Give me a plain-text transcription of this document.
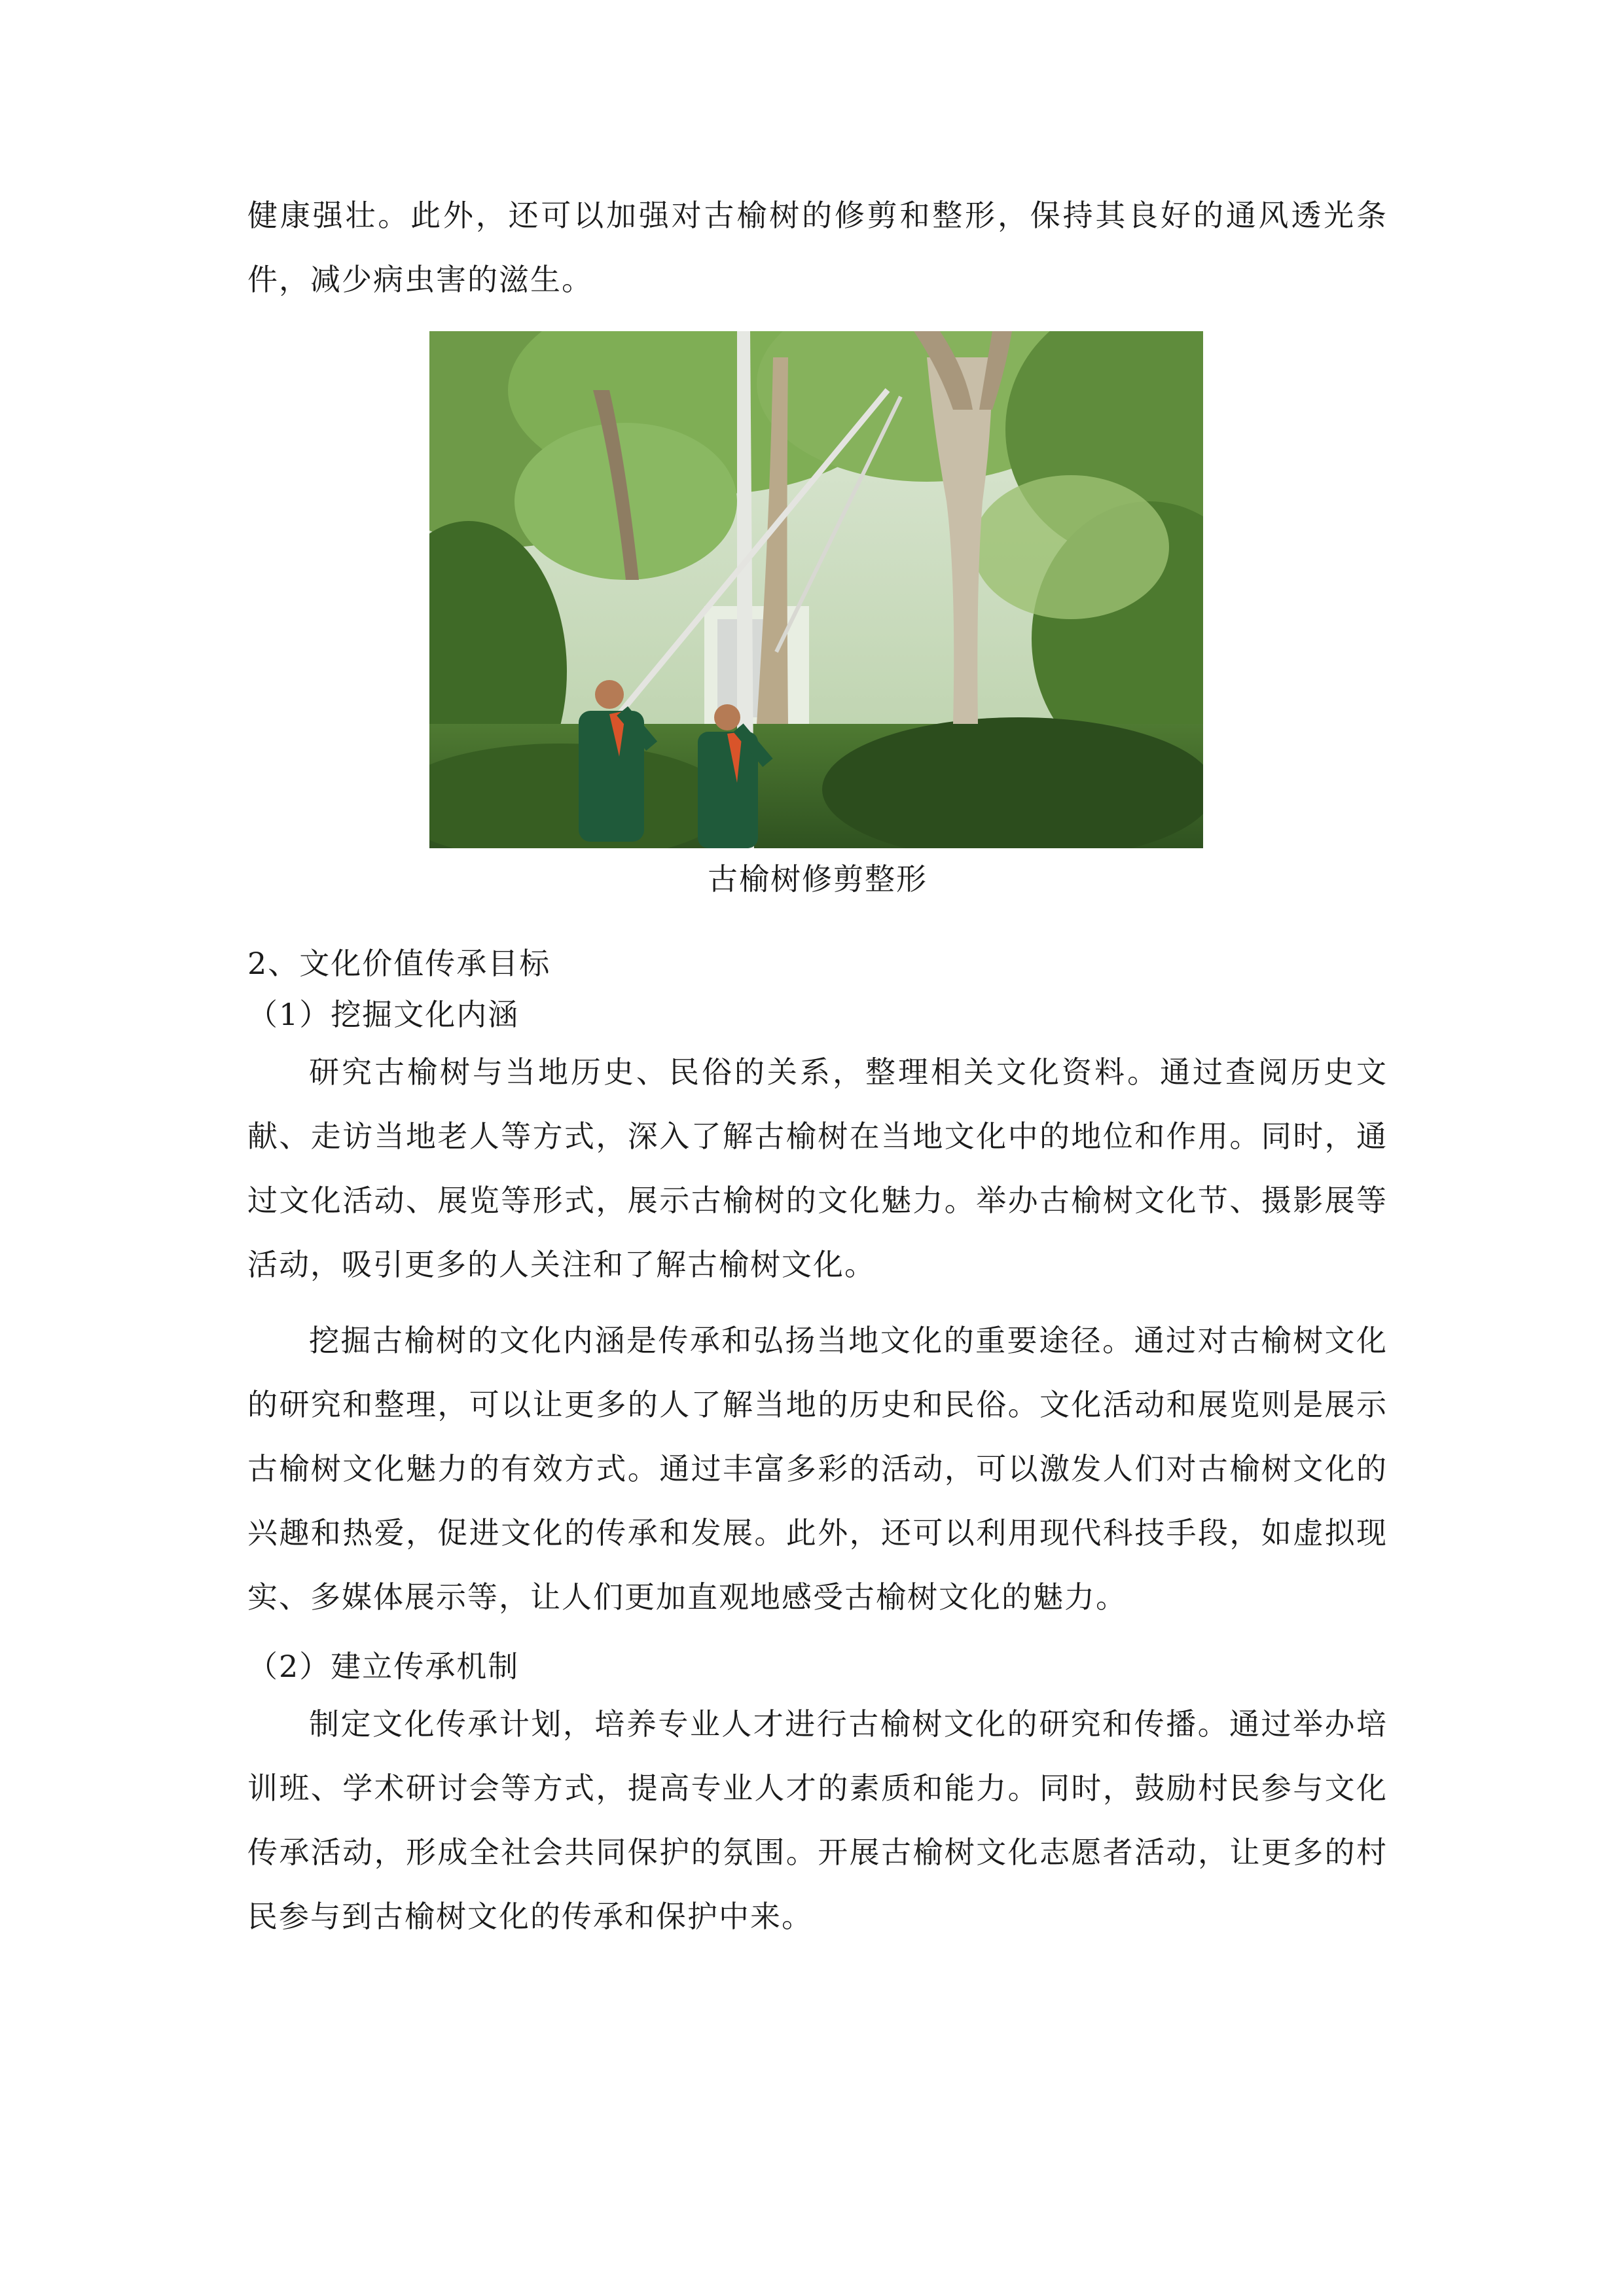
健康强壮。此外，还可以加强对古榆树的修剪和整形，保持其良好的通风透光条件，减少病虫害的滋生。

古榆树修剪整形

2、文化价值传承目标

（1）挖掘文化内涵

研究古榆树与当地历史、民俗的关系，整理相关文化资料。通过查阅历史文献、走访当地老人等方式，深入了解古榆树在当地文化中的地位和作用。同时，通过文化活动、展览等形式，展示古榆树的文化魅力。举办古榆树文化节、摄影展等活动，吸引更多的人关注和了解古榆树文化。

挖掘古榆树的文化内涵是传承和弘扬当地文化的重要途径。通过对古榆树文化的研究和整理，可以让更多的人了解当地的历史和民俗。文化活动和展览则是展示古榆树文化魅力的有效方式。通过丰富多彩的活动，可以激发人们对古榆树文化的兴趣和热爱，促进文化的传承和发展。此外，还可以利用现代科技手段，如虚拟现实、多媒体展示等，让人们更加直观地感受古榆树文化的魅力。

（2）建立传承机制

制定文化传承计划，培养专业人才进行古榆树文化的研究和传播。通过举办培训班、学术研讨会等方式，提高专业人才的素质和能力。同时，鼓励村民参与文化传承活动，形成全社会共同保护的氛围。开展古榆树文化志愿者活动，让更多的村民参与到古榆树文化的传承和保护中来。
